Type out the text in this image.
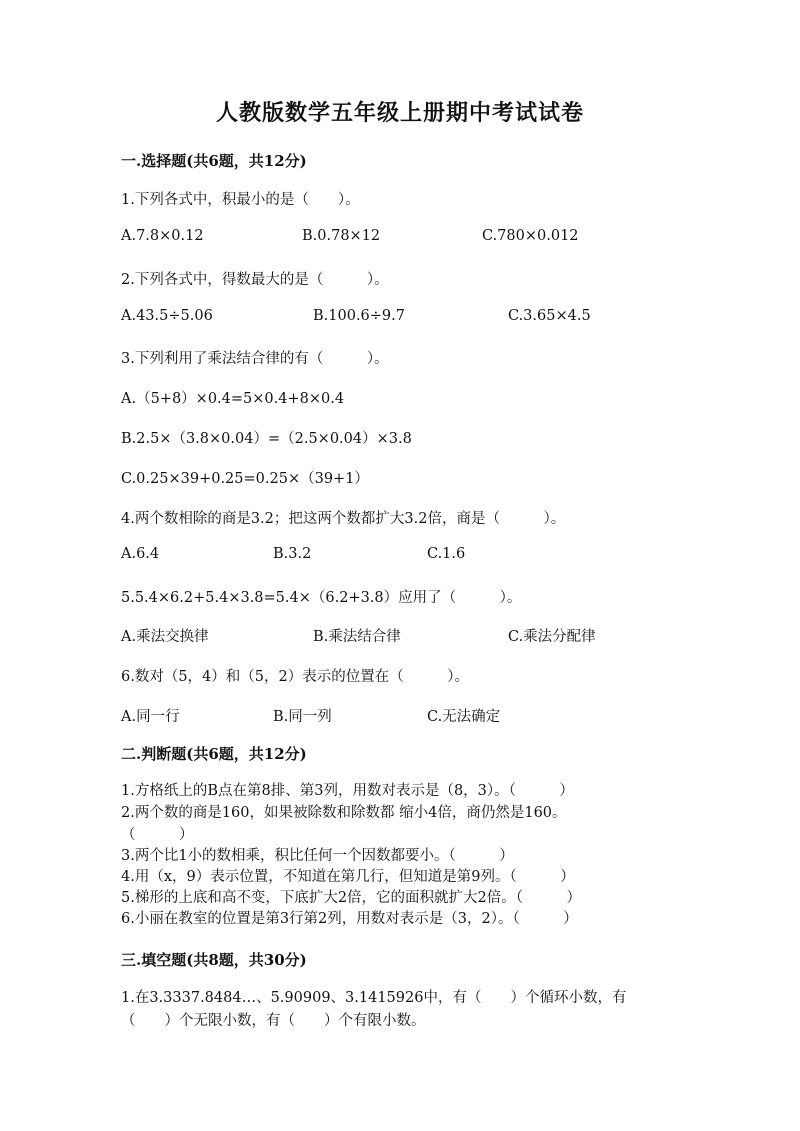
人教版数学五年级上册期中考试试卷
一.选择题(共6题，共12分)
1.下列各式中，积最小的是（　　）。
A.7.8×0.12	B.0.78×12	C.780×0.012
2.下列各式中，得数最大的是（　　　）。
A.43.5÷5.06	B.100.6÷9.7	C.3.65×4.5
3.下列利用了乘法结合律的有（　　　）。
A.（5+8）×0.4=5×0.4+8×0.4
B.2.5×（3.8×0.04）=（2.5×0.04）×3.8
C.0.25×39+0.25=0.25×（39+1）
4.两个数相除的商是3.2；把这两个数都扩大3.2倍，商是（　　　）。
A.6.4	B.3.2	C.1.6
5.5.4×6.2+5.4×3.8=5.4×（6.2+3.8）应用了（　　　）。
A.乘法交换律	B.乘法结合律	C.乘法分配律
6.数对（5，4）和（5，2）表示的位置在（　　　）。
A.同一行	B.同一列	C.无法确定
二.判断题(共6题，共12分)
1.方格纸上的B点在第8排、第3列，用数对表示是（8，3）。（　　　）
2.两个数的商是160，如果被除数和除数都 缩小4倍，商仍然是160。
（　　　）
3.两个比1小的数相乘，积比任何一个因数都要小。（　　　）
4.用（x，9）表示位置，不知道在第几行，但知道是第9列。（　　　）
5.梯形的上底和高不变，下底扩大2倍，它的面积就扩大2倍。（　　　）
6.小丽在教室的位置是第3行第2列，用数对表示是（3，2）。（　　　）
三.填空题(共8题，共30分)
1.在3.3337.8484…、5.90909、3.1415926中，有（　　）个循环小数，有
（　　）个无限小数，有（　　）个有限小数。
